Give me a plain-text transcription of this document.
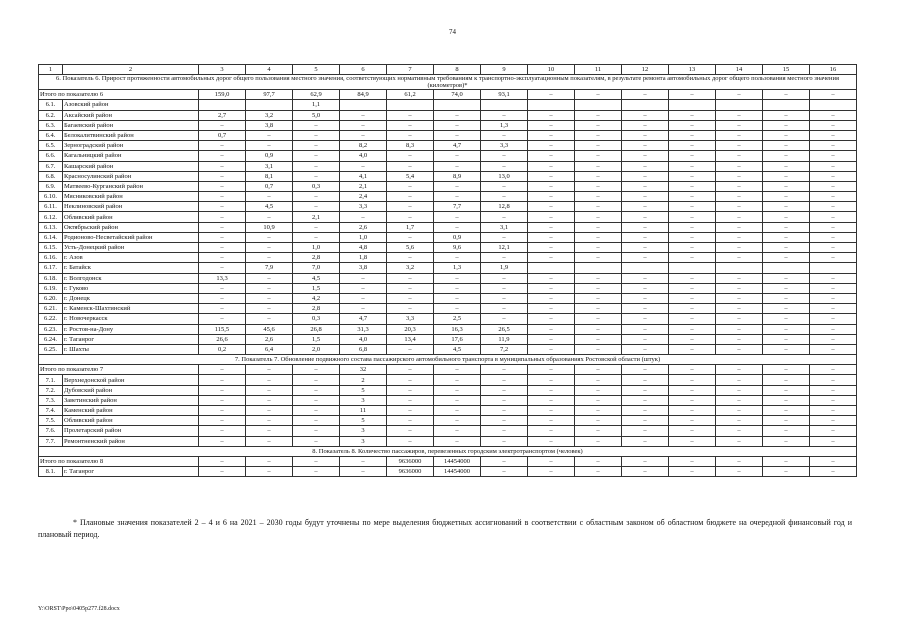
74
1	2	3	4	5	6	7	8	9	10	11	12	13	14	15	16
6. Показатель 6. Прирост протяженности автомобильных дорог общего пользования местного значения, соответствующих нормативным требованиям к транспортно-эксплуатационным показателям, в результате ремонта автомобильных дорог общего пользования местного значения (километров)*															
Итого по показателю 6		159,0	97,7	62,9	84,9	61,2	74,0	93,1	–	–	–	–	–	–	–
6.1.	Азовский район			1,1											
6.2.	Аксайский район	2,7	3,2	5,0	–	–	–	–	–	–	–	–	–	–	–
6.3.	Багаевский район	–	3,8	–	–	–	–	1,3	–	–	–	–	–	–	–
6.4.	Белокалитвинский район	0,7	–	–	–	–	–	–	–	–	–	–	–	–	–
6.5.	Зерноградский район	–	–	–	8,2	8,3	4,7	3,3	–	–	–	–	–	–	–
6.6.	Кагальницкий район	–	0,9	–	4,0	–	–	–	–	–	–	–	–	–	–
6.7.	Кашарский район	–	3,1	–	–	–	–	–	–	–	–	–	–	–	–
6.8.	Красносулинский район	–	8,1	–	4,1	5,4	8,9	13,0	–	–	–	–	–	–	–
6.9.	Матвеево-Курганский район	–	0,7	0,3	2,1	–	–	–	–	–	–	–	–	–	–
6.10.	Мясниковский район	–	–	–	2,4	–	–	–	–	–	–	–	–	–	–
6.11.	Неклиновский район	–	4,5	–	3,3	–	7,7	12,8	–	–	–	–	–	–	–
6.12.	Обливский район	–	–	2,1	–	–	–	–	–	–	–	–	–	–	–
6.13.	Октябрьский район	–	10,9	–	2,6	1,7	–	3,1	–	–	–	–	–	–	–
6.14.	Родионово-Несветайский район	–	–	–	1,0	–	0,9	–	–	–	–	–	–	–	–
6.15.	Усть-Донецкий район	–	–	1,0	4,8	5,6	9,6	12,1	–	–	–	–	–	–	–
6.16.	г. Азов	–	–	2,8	1,8	–	–	–	–	–	–	–	–	–	–
6.17.	г. Батайск	–	7,9	7,0	3,8	3,2	1,3	1,9							
6.18.	г. Волгодонск	13,3	–	4,5	–	–	–	–	–	–	–	–	–	–	–
6.19.	г. Гуково	–	–	1,5	–	–	–	–	–	–	–	–	–	–	–
6.20.	г. Донецк	–	–	4,2	–	–	–	–	–	–	–	–	–	–	–
6.21.	г. Каменск-Шахтинский	–	–	2,8	–	–	–	–	–	–	–	–	–	–	–
6.22.	г. Новочеркасск	–	–	0,3	4,7	3,3	2,5	–	–	–	–	–	–	–	–
6.23.	г. Ростов-на-Дону	115,5	45,6	26,8	31,3	20,3	16,3	26,5	–	–	–	–	–	–	–
6.24.	г. Таганрог	26,6	2,6	1,5	4,0	13,4	17,6	11,9	–	–	–	–	–	–	–
6.25.	г. Шахты	0,2	6,4	2,0	6,8	–	4,5	7,2	–	–	–	–	–	–	–
7. Показатель 7. Обновление подвижного состава пассажирского автомобильного транспорта в муниципальных образованиях Ростовской области (штук)															
Итого по показателю 7		–	–	–	32	–	–	–	–	–	–	–	–	–	–
7.1.	Верхнедонской район	–	–	–	2	–	–	–	–	–	–	–	–	–	–
7.2.	Дубовский район	–	–	–	5	–	–	–	–	–	–	–	–	–	–
7.3.	Заветинский район	–	–	–	3	–	–	–	–	–	–	–	–	–	–
7.4.	Каменский район	–	–	–	11	–	–	–	–	–	–	–	–	–	–
7.5.	Обливский район	–	–	–	5	–	–	–	–	–	–	–	–	–	–
7.6.	Пролетарский район	–	–	–	3	–	–	–	–	–	–	–	–	–	–
7.7.	Ремонтненский район	–	–	–	3	–	–	–	–	–	–	–	–	–	–
8. Показатель 8. Количество пассажиров, перевезенных городским электротранспортом (человек)															
Итого по показателю 8		–	–	–	–	9636000	14454000	–	–	–	–	–	–	–	–
8.1.	г. Таганрог	–	–	–	–	9636000	14454000	–	–	–	–	–	–	–	–
* Плановые значения показателей 2 – 4 и 6 на 2021 – 2030 годы будут уточнены по мере выделения бюджетных ассигнований в соответствии с областным законом об областном бюджете на очередной финансовый год и плановый период.
Y:\ORST\Ppo\0405p277.f28.docx
